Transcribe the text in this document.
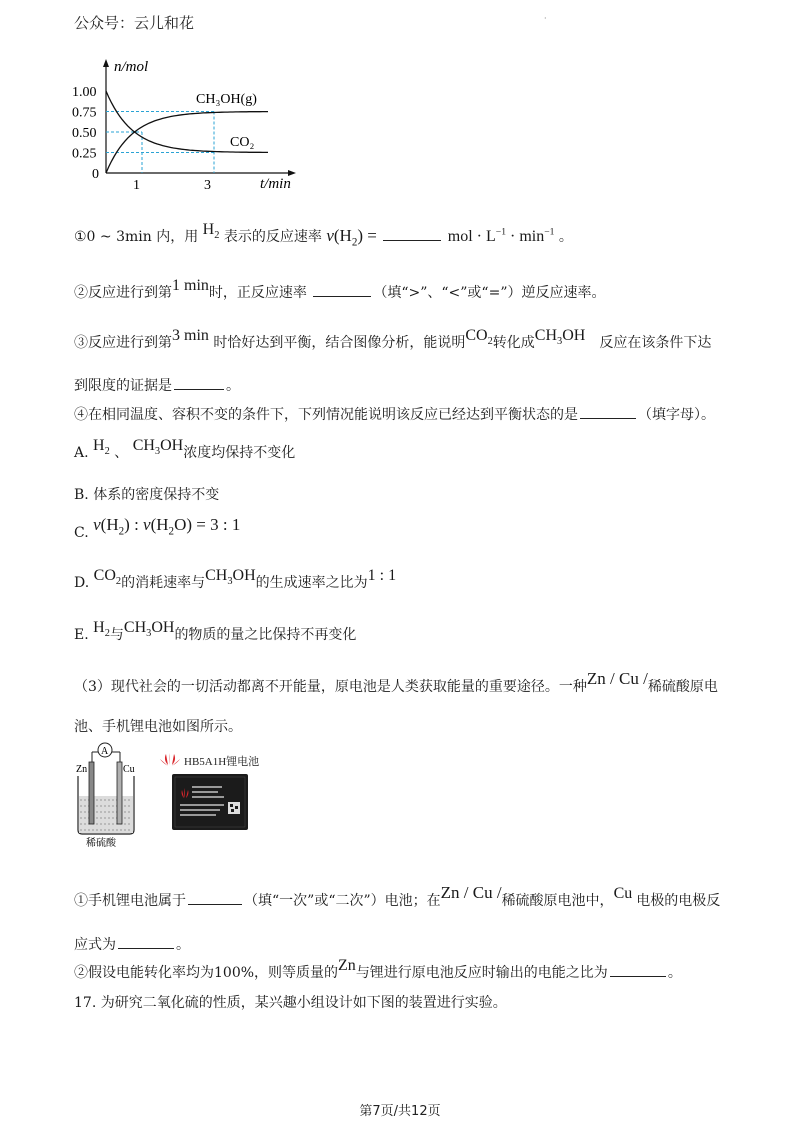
公众号：云儿和花	·
n/mol
t/min
1.00
0.75
0.50
0.25
0
1	3
CH₃OH(g)
CO₂
①0 ~ 3min 内，用 $H_2$ 表示的反应速率 $v(H_2)$ =	mol · $L^{-1} \cdot \min^{-1}$ 。
②反应进行到第1 min时，正反应速率	（填“>”、“<”或“=”）逆反应速率。
③反应进行到第3 min 时恰好达到平衡，结合图像分析，能说明$CO_2$转化成$CH_3OH$ 反应在该条件下达
到限度的证据是	。
④在相同温度、容积不变的条件下，下列情况能说明该反应已经达到平衡状态的是	（填字母）。
A. $H_2$ 、 $CH_3OH$浓度均保持不变化
B. 体系的密度保持不变
C. $v(H_2)$ : $v(H_2O) = 3$ : 1
D. $CO_2$的消耗速率与$CH_3OH$的生成速率之比为1 : 1
E. $H_2$与$CH_3OH$的物质的量之比保持不再变化
（3）现代社会的一切活动都离不开能量，原电池是人类获取能量的重要途径。一种Zn / Cu /稀硫酸原电
池、手机锂电池如图所示。
A
Zn	Cu
稀硫酸
HB5A1H锂电池
①手机锂电池属于	（填“一次”或“二次”）电池；在Zn / Cu /稀硫酸原电池中，Cu 电极的电极反
应式为	。
②假设电能转化率均为100%，则等质量的Zn与锂进行原电池反应时输出的电能之比为	。
17. 为研究二氧化硫的性质，某兴趣小组设计如下图的装置进行实验。
第7页/共12页
